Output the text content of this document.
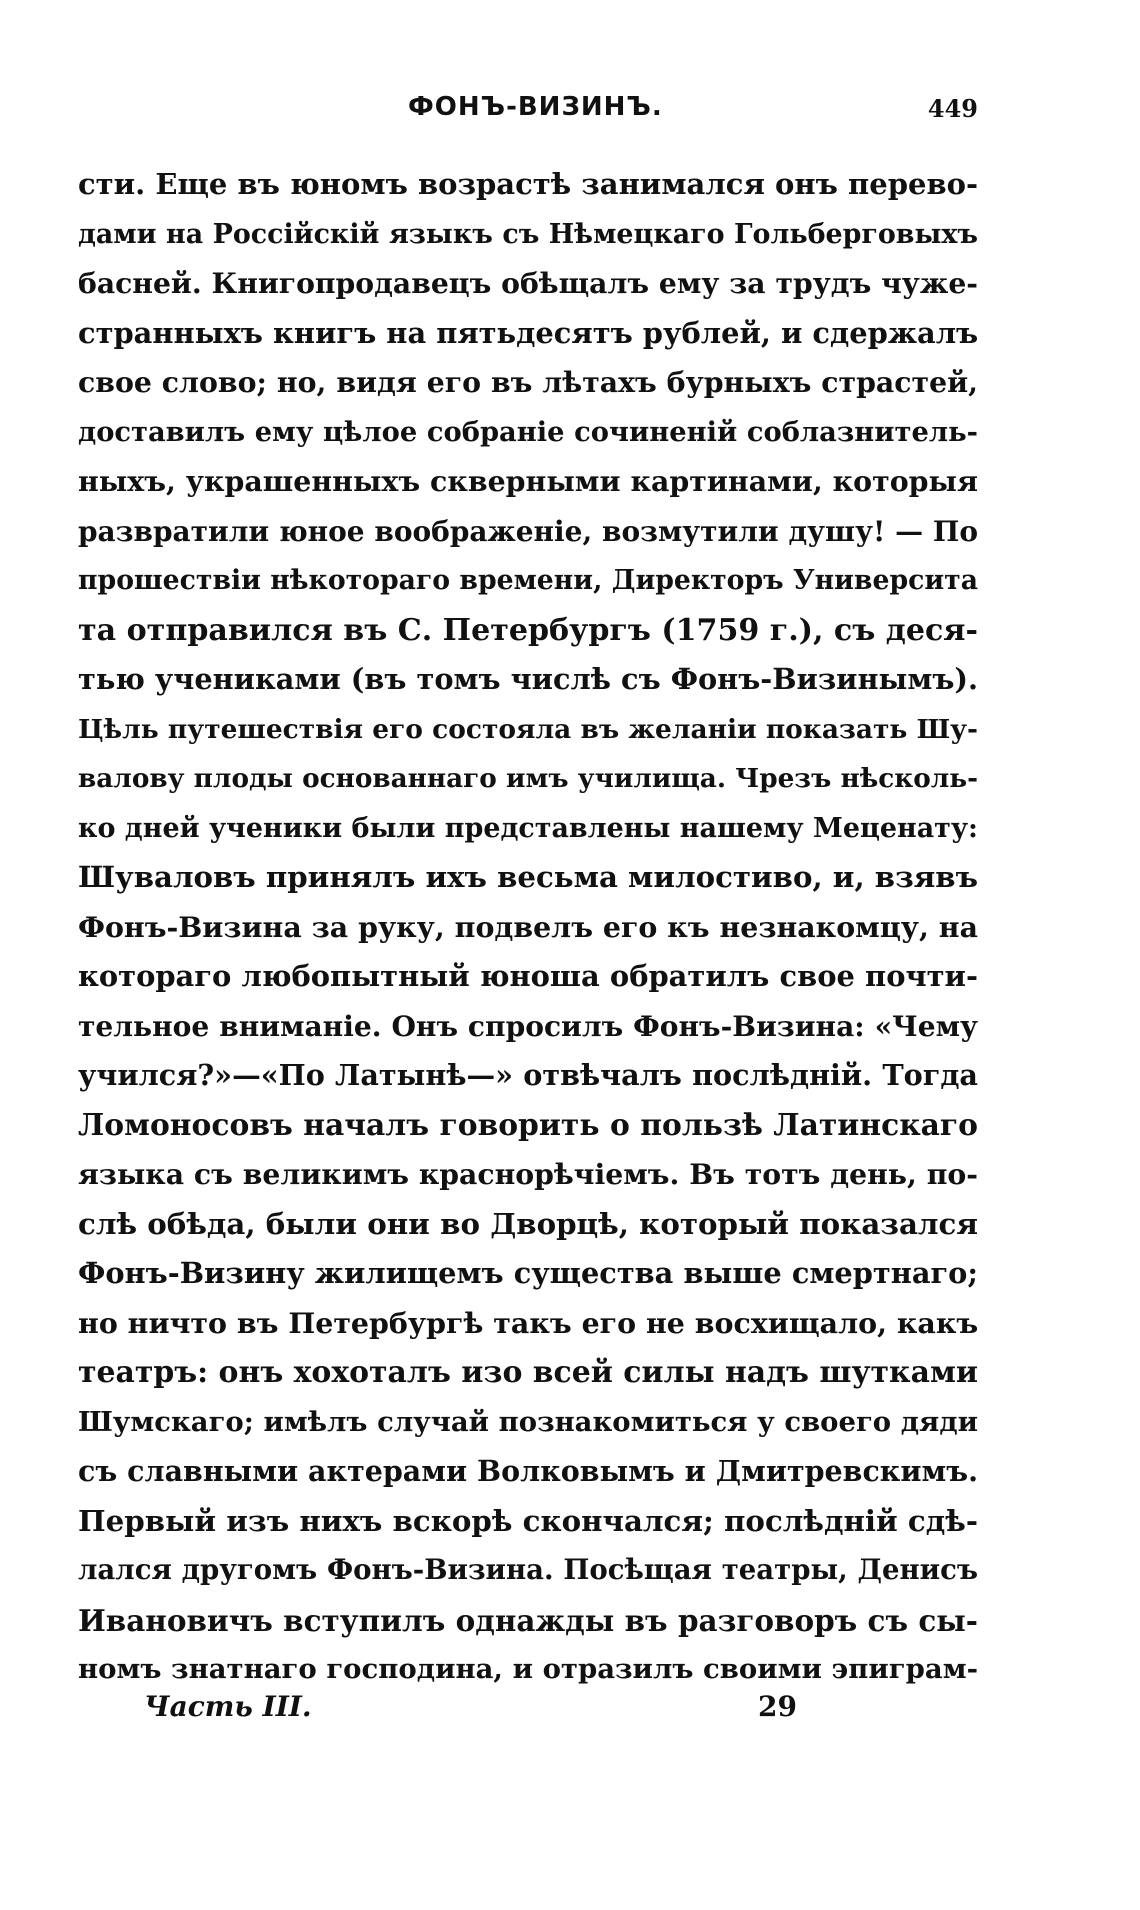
ФОНЪ-ВИЗИНЪ.	449
сти. Еще въ юномъ возрастѣ занимался онъ перево-
дами на Россійскій языкъ съ Нѣмецкаго Гольберговыхъ
басней. Книгопродавецъ обѣщалъ ему за трудъ чуже-
странныхъ книгъ на пятьдесятъ рублей, и сдержалъ
свое слово; но, видя его въ лѣтахъ бурныхъ страстей,
доставилъ ему цѣлое собраніе сочиненій соблазнитель-
ныхъ, украшенныхъ скверными картинами, которыя
развратили юное воображеніе, возмутили душу! — По
прошествіи нѣкотораго времени, Директоръ Университа
та отправился въ С. Петербургъ (1759 г.), съ деся-
тью учениками (въ томъ числѣ съ Фонъ-Визинымъ).
Цѣль путешествія его состояла въ желаніи показать Шу-
валову плоды основаннаго имъ училища. Чрезъ нѣсколь-
ко дней ученики были представлены нашему Меценату:
Шуваловъ принялъ ихъ весьма милостиво, и, взявъ
Фонъ-Визина за руку, подвелъ его къ незнакомцу, на
котораго любопытный юноша обратилъ свое почти-
тельное вниманіе. Онъ спросилъ Фонъ-Визина: «Чему
учился?»—«По Латынѣ—» отвѣчалъ послѣдній. Тогда
Ломоносовъ началъ говорить о пользѣ Латинскаго
языка съ великимъ краснорѣчіемъ. Въ тотъ день, по-
слѣ обѣда, были они во Дворцѣ, который показался
Фонъ-Визину жилищемъ существа выше смертнаго;
но ничто въ Петербургѣ такъ его не восхищало, какъ
театръ: онъ хохоталъ изо всей силы надъ шутками
Шумскаго; имѣлъ случай познакомиться у своего дяди
съ славными актерами Волковымъ и Дмитревскимъ.
Первый изъ нихъ вскорѣ скончался; послѣдній сдѣ-
лался другомъ Фонъ-Визина. Посѣщая театры, Денисъ
Ивановичъ вступилъ однажды въ разговоръ съ сы-
номъ знатнаго господина, и отразилъ своими эпиграм-
Часть III.	29
